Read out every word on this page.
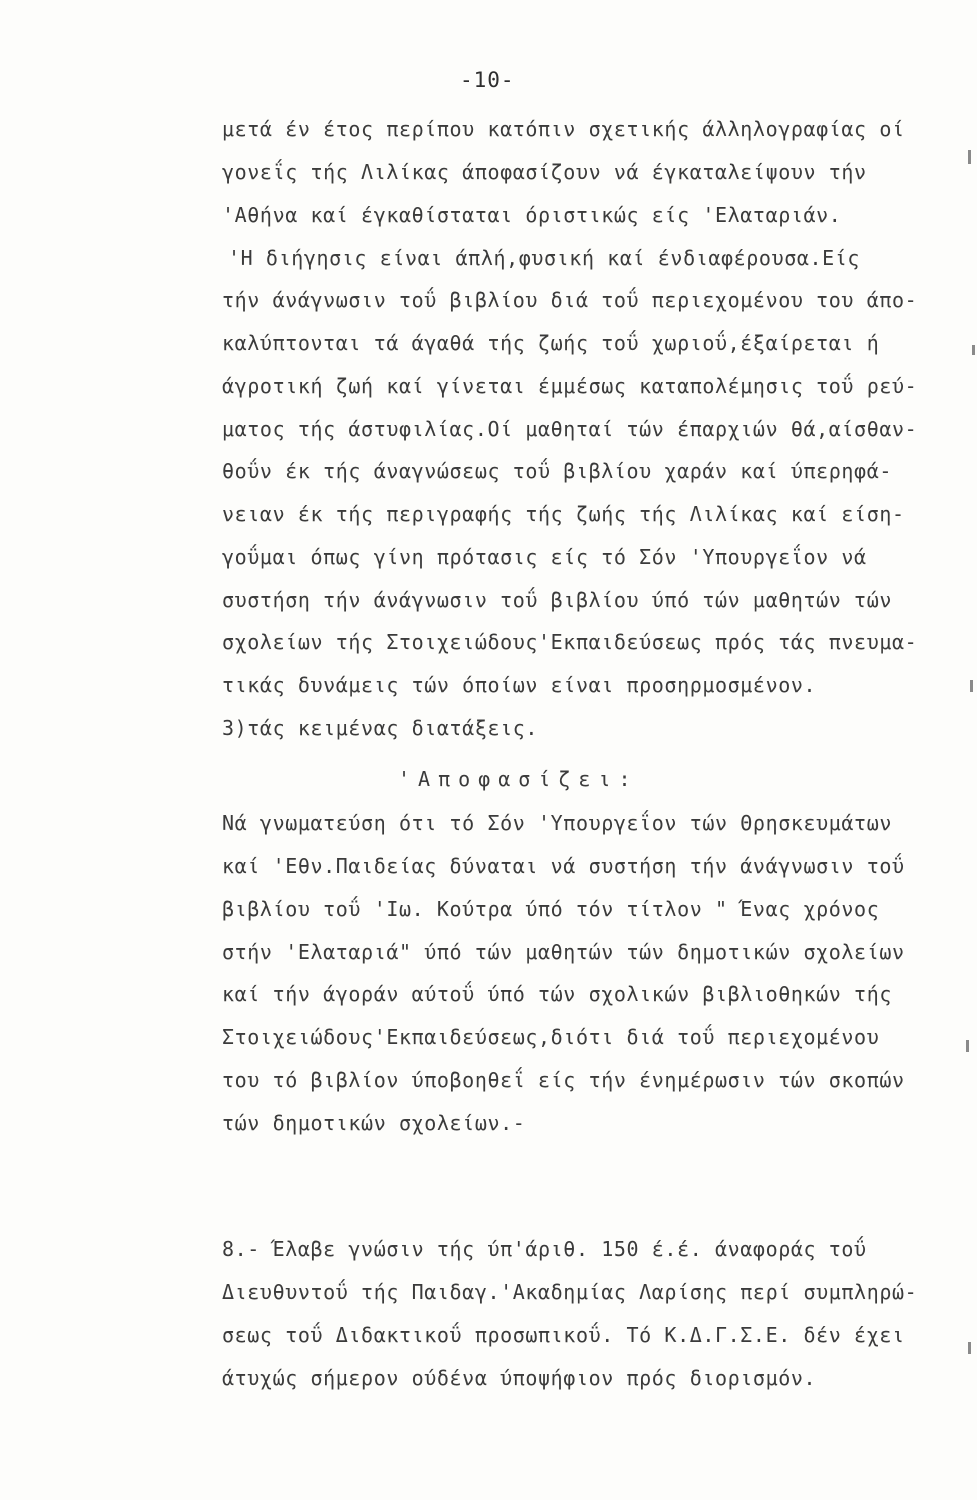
-10-
μετά έν έτος περίπου κατόπιν σχετικής άλληλογραφίας οί
γονεΐς τής Λιλίκας άποφασίζουν νά έγκαταλείψουν τήν
'Αθήνα καί έγκαθίσταται όριστικώς είς 'Ελαταριάν.
'Η διήγησις είναι άπλή,φυσική καί ένδιαφέρουσα.Είς
τήν άνάγνωσιν τοΰ βιβλίου διά τοΰ περιεχομένου του άπο-
καλύπτονται τά άγαθά τής ζωής τοΰ χωριοΰ,έξαίρεται ή
άγροτική ζωή καί γίνεται έμμέσως καταπολέμησις τοΰ ρεύ-
ματος τής άστυφιλίας.Οί μαθηταί τών έπαρχιών θά,αίσθαν-
θοΰν έκ τής άναγνώσεως τοΰ βιβλίου χαράν καί ύπερηφά-
νειαν έκ τής περιγραφής τής ζωής τής Λιλίκας καί είση-
γοΰμαι όπως γίνη πρότασις είς τό Σόν 'Υπουργεΐον νά
συστήση τήν άνάγνωσιν τοΰ βιβλίου ύπό τών μαθητών τών
σχολείων τής Στοιχειώδους'Εκπαιδεύσεως πρός τάς πνευμα-
τικάς δυνάμεις τών όποίων είναι προσηρμοσμένον.
3)τάς κειμένας διατάξεις.
'Αποφασίζει:
Νά γνωματεύση ότι τό Σόν 'Υπουργεΐον τών Θρησκευμάτων
καί 'Εθν.Παιδείας δύναται νά συστήση τήν άνάγνωσιν τοΰ
βιβλίου τοΰ 'Ιω. Κούτρα ύπό τόν τίτλον " Ένας χρόνος
στήν 'Ελαταριά" ύπό τών μαθητών τών δημοτικών σχολείων
καί τήν άγοράν αύτοΰ ύπό τών σχολικών βιβλιοθηκών τής
Στοιχειώδους'Εκπαιδεύσεως,διότι διά τοΰ περιεχομένου
του τό βιβλίον ύποβοηθεΐ είς τήν ένημέρωσιν τών σκοπών
τών δημοτικών σχολείων.-
8.- Έλαβε γνώσιν τής ύπ'άριθ. 150 έ.έ. άναφοράς τοΰ
Διευθυντοΰ τής Παιδαγ.'Ακαδημίας Λαρίσης περί συμπληρώ-
σεως τοΰ Διδακτικοΰ προσωπικοΰ. Τό Κ.Δ.Γ.Σ.Ε. δέν έχει
άτυχώς σήμερον ούδένα ύποψήφιον πρός διορισμόν.
